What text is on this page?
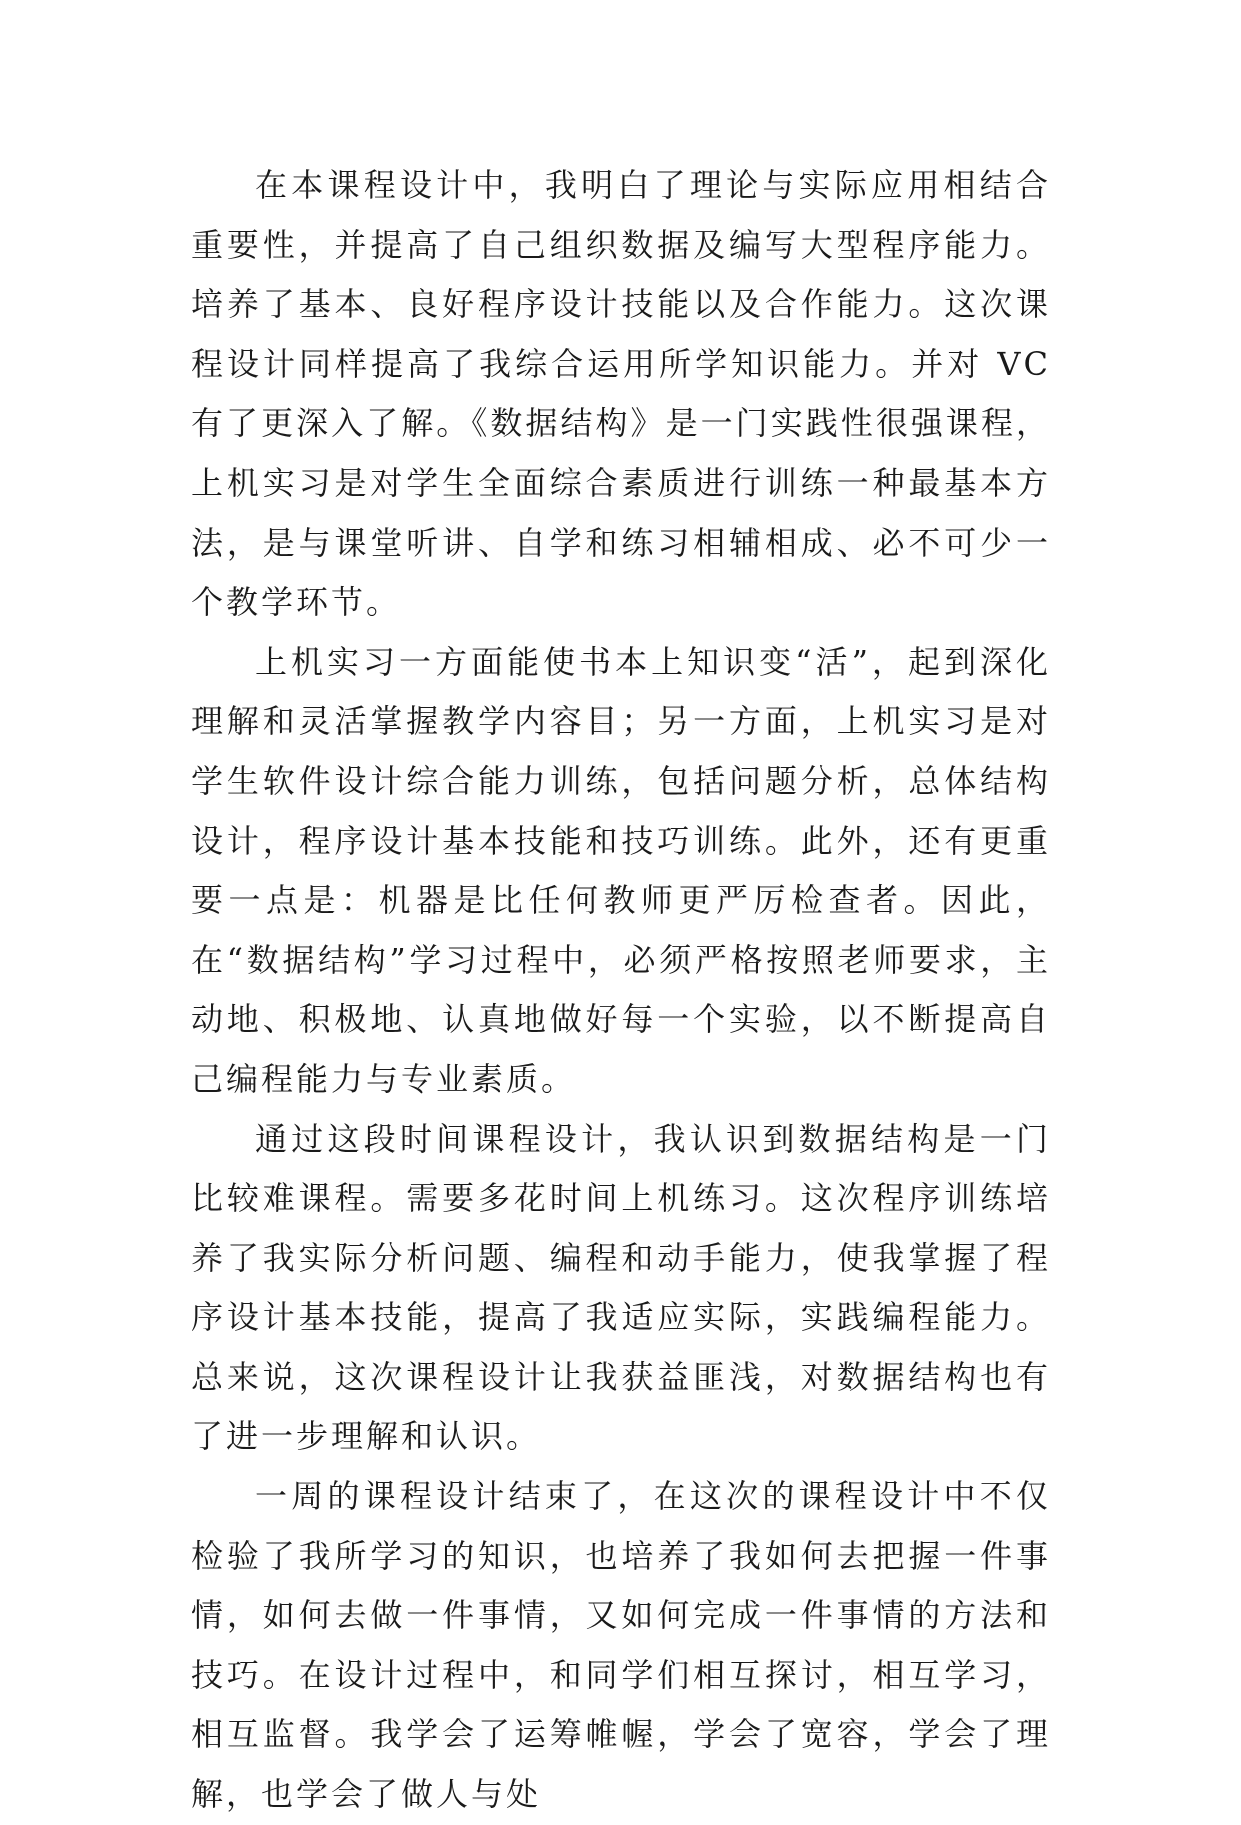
在本课程设计中，我明白了理论与实际应用相结合重要性，并提高了自己组织数据及编写大型程序能力。培养了基本、良好程序设计技能以及合作能力。这次课程设计同样提高了我综合运用所学知识能力。并对 VC 有了更深入了解。《数据结构》是一门实践性很强课程，上机实习是对学生全面综合素质进行训练一种最基本方法，是与课堂听讲、自学和练习相辅相成、必不可少一个教学环节。

上机实习一方面能使书本上知识变“活”，起到深化理解和灵活掌握教学内容目；另一方面，上机实习是对学生软件设计综合能力训练，包括问题分析，总体结构设计，程序设计基本技能和技巧训练。此外，还有更重要一点是：机器是比任何教师更严厉检查者。因此，在“数据结构”学习过程中，必须严格按照老师要求，主动地、积极地、认真地做好每一个实验，以不断提高自己编程能力与专业素质。

通过这段时间课程设计，我认识到数据结构是一门比较难课程。需要多花时间上机练习。这次程序训练培养了我实际分析问题、编程和动手能力，使我掌握了程序设计基本技能，提高了我适应实际，实践编程能力。总来说，这次课程设计让我获益匪浅，对数据结构也有了进一步理解和认识。

一周的课程设计结束了，在这次的课程设计中不仅检验了我所学习的知识，也培养了我如何去把握一件事情，如何去做一件事情，又如何完成一件事情的方法和技巧。在设计过程中，和同学们相互探讨，相互学习，相互监督。我学会了运筹帷幄，学会了宽容，学会了理解，也学会了做人与处
